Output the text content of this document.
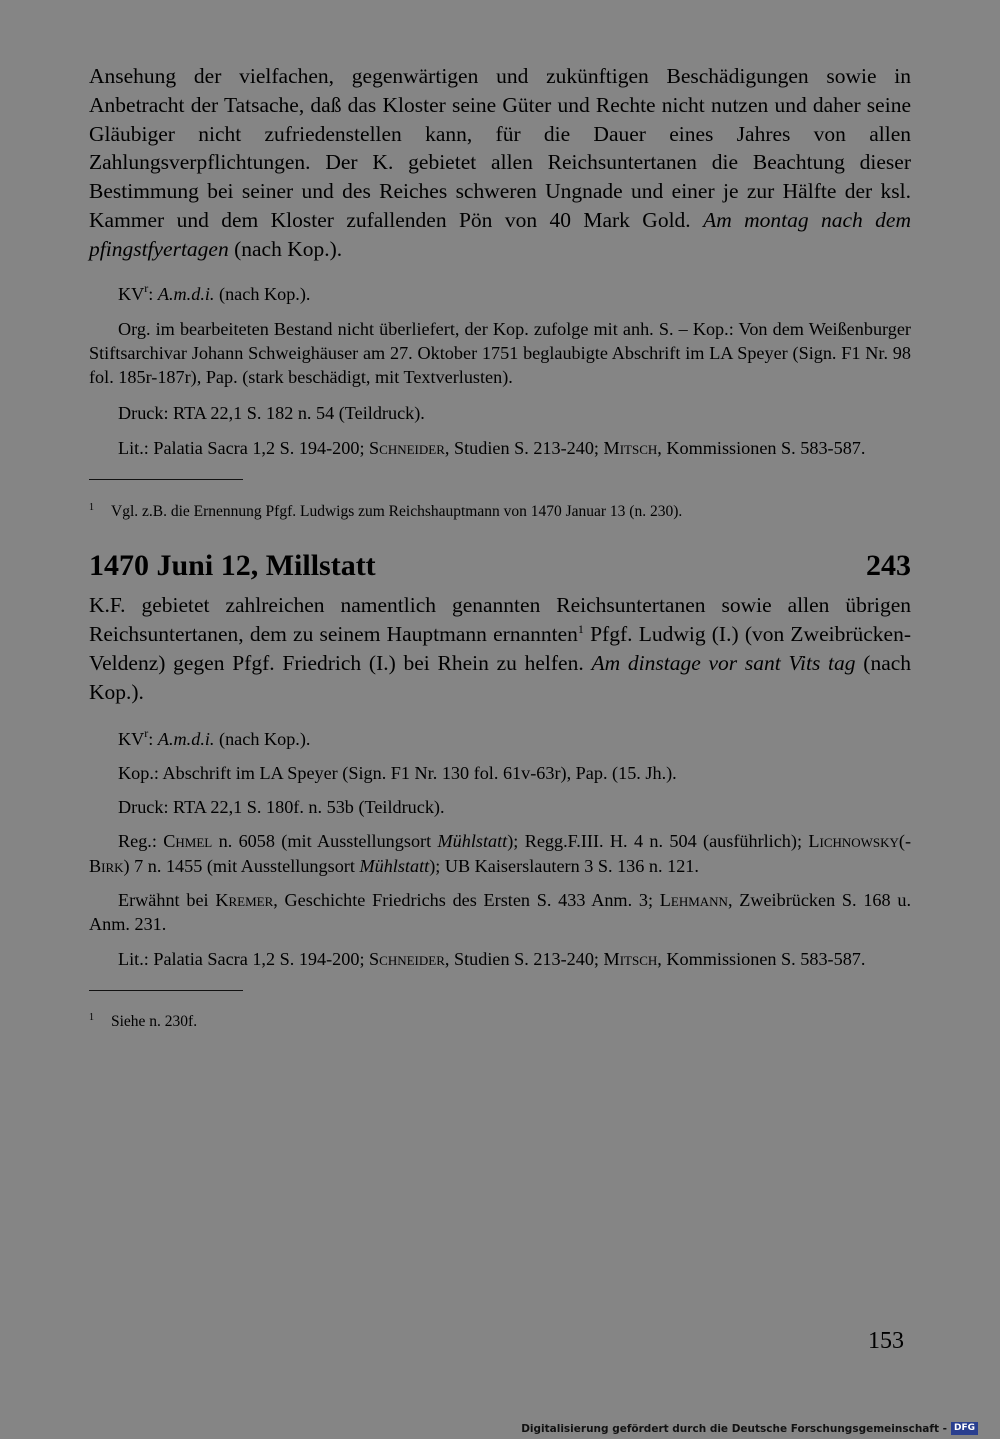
Ansehung der vielfachen, gegenwärtigen und zukünftigen Beschädigungen sowie in Anbetracht der Tatsache, daß das Kloster seine Güter und Rechte nicht nutzen und daher seine Gläubiger nicht zufriedenstellen kann, für die Dauer eines Jahres von allen Zahlungsverpflichtungen. Der K. gebietet allen Reichsuntertanen die Beachtung dieser Bestimmung bei seiner und des Reiches schweren Ungnade und einer je zur Hälfte der ksl. Kammer und dem Kloster zufallenden Pön von 40 Mark Gold. Am montag nach dem pfingstfyertagen (nach Kop.).

$KV^r$: A.m.d.i. (nach Kop.).

Org. im bearbeiteten Bestand nicht überliefert, der Kop. zufolge mit anh. S. – Kop.: Von dem Weißenburger Stiftsarchivar Johann Schweighäuser am 27. Oktober 1751 beglaubigte Abschrift im LA Speyer (Sign. F1 Nr. 98 fol. 185r-187r), Pap. (stark beschädigt, mit Textverlusten).

Druck: RTA 22,1 S. 182 n. 54 (Teildruck).

Lit.: Palatia Sacra 1,2 S. 194-200; Schneider, Studien S. 213-240; Mitsch, Kommissionen S. 583-587.

$^1$ Vgl. z.B. die Ernennung Pfgf. Ludwigs zum Reichshauptmann von 1470 Januar 13 (n. 230).

1470 Juni 12, Millstatt	243

K.F. gebietet zahlreichen namentlich genannten Reichsuntertanen sowie allen übrigen Reichsuntertanen, dem zu seinem Hauptmann ernannten$^1$ Pfgf. Ludwig (I.) (von Zweibrücken-Veldenz) gegen Pfgf. Friedrich (I.) bei Rhein zu helfen. Am dinstage vor sant Vits tag (nach Kop.).

$KV^r$: A.m.d.i. (nach Kop.).

Kop.: Abschrift im LA Speyer (Sign. F1 Nr. 130 fol. 61v-63r), Pap. (15. Jh.).

Druck: RTA 22,1 S. 180f. n. 53b (Teildruck).

Reg.: Chmel n. 6058 (mit Ausstellungsort Mühlstatt); Regg.F.III. H. 4 n. 504 (ausführlich); Lichnowsky(-Birk) 7 n. 1455 (mit Ausstellungsort Mühlstatt); UB Kaiserslautern 3 S. 136 n. 121.

Erwähnt bei Kremer, Geschichte Friedrichs des Ersten S. 433 Anm. 3; Lehmann, Zweibrücken S. 168 u. Anm. 231.

Lit.: Palatia Sacra 1,2 S. 194-200; Schneider, Studien S. 213-240; Mitsch, Kommissionen S. 583-587.

$^1$ Siehe n. 230f.

153
Digitalisierung gefördert durch die Deutsche Forschungsgemeinschaft - DFG
